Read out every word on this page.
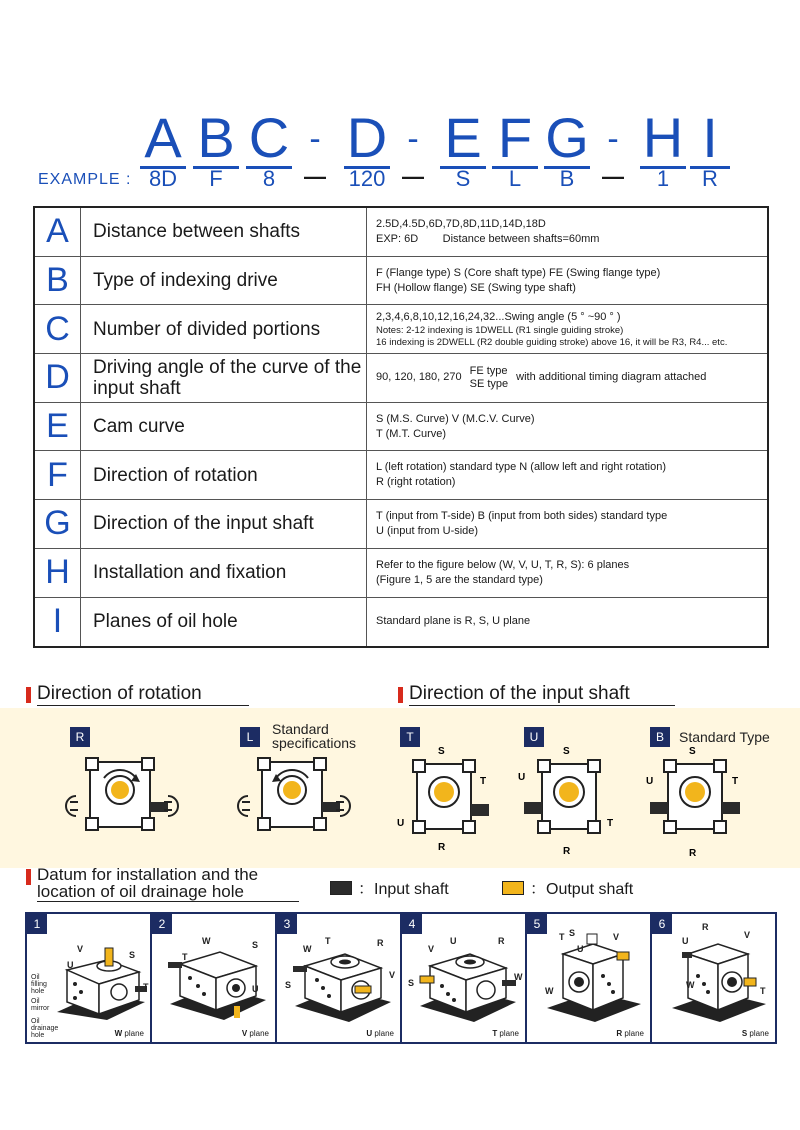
A B C - D - E F G - H I
EXAMPLE : 8D	F	8	—	120 —	S	L	B	—	1	R
A	Distance between shafts	2.5D,4.5D,6D,7D,8D,11D,14D,18D
EXP: 6D        Distance between shafts=60mm
B	Type of indexing drive	F (Flange type) S (Core shaft type) FE (Swing flange type)
FH (Hollow flange) SE (Swing type shaft)
C	Number of divided portions
2,3,4,6,8,10,12,16,24,32...Swing angle (5 ° ~90 ° )
Notes: 2-12 indexing is 1DWELL (R1 single guiding stroke)
16 indexing is 2DWELL (R2 double guiding stroke) above 16, it will be R3, R4... etc.
D	Driving angle of the curve of the input shaft
90, 120, 180, 270
FE type
SE type
with additional timing diagram attached
E	Cam curve	S (M.S. Curve) V (M.C.V. Curve)
T (M.T. Curve)
F	Direction of rotation	L (left rotation) standard type N (allow left and right rotation)
R (right rotation)
G	Direction of the input shaft	T (input from T-side) B (input from both sides) standard type
U (input from U-side)
H	Installation and fixation	Refer to the figure below (W, V, U, T, R, S): 6 planes
(Figure 1, 5 are the standard type)
I	Planes of oil hole	Standard plane is R, S, U plane
Direction of rotation	Direction of the input shaft
R	L	Standard specifications	T	U	B	Standard Type
S
T
U
R
S
T
U
R
S
T
U
R
Datum for installation and the
location of oil drainage hole	：Input shaft	：Output shaft
1
V
U
S
T
Oil filling hole
Oil mirror
Oil drainage hole	W plane
2
T
W	S
U
V plane
3
W
T	R
S
V
U plane
4
V
U	R
S
W
T plane
5
T S	V
W
U
R plane
6
U
R
V
W
T
S plane
